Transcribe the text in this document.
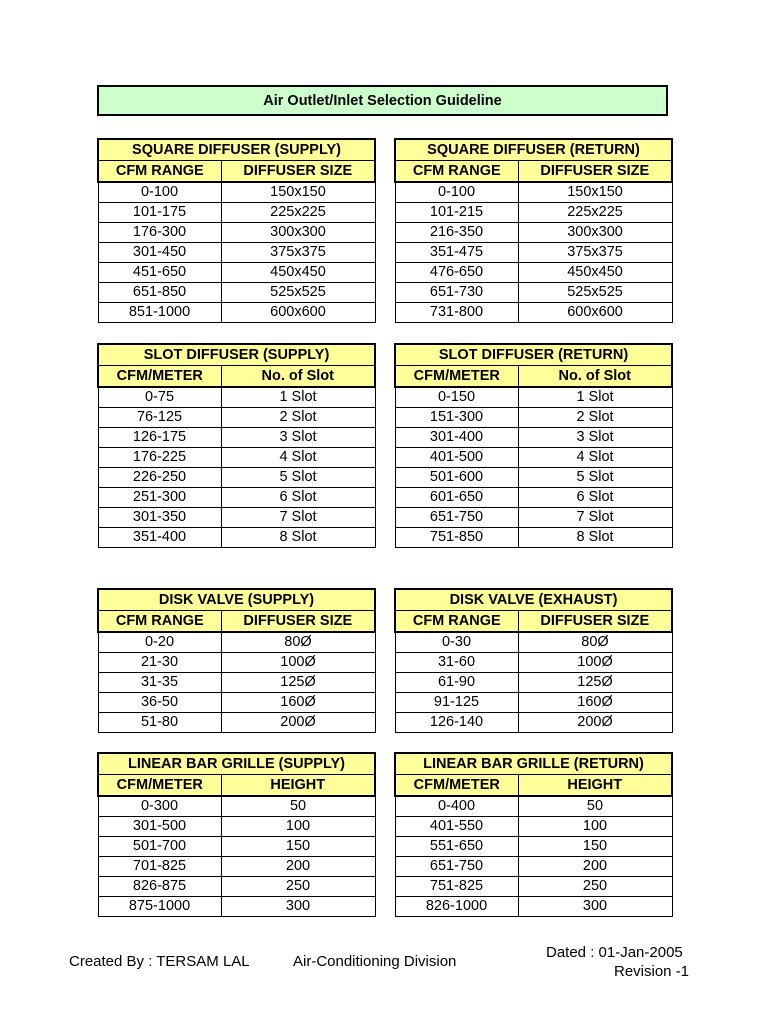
Air Outlet/Inlet Selection Guideline
SQUARE DIFFUSER (SUPPLY)	
CFM RANGE	DIFFUSER SIZE
0-100	150x150
101-175	225x225
176-300	300x300
301-450	375x375
451-650	450x450
651-850	525x525
851-1000	600x600
SQUARE DIFFUSER (RETURN)	
CFM RANGE	DIFFUSER SIZE
0-100	150x150
101-215	225x225
216-350	300x300
351-475	375x375
476-650	450x450
651-730	525x525
731-800	600x600
SLOT DIFFUSER (SUPPLY)	
CFM/METER	No. of Slot
0-75	1 Slot
76-125	2 Slot
126-175	3 Slot
176-225	4 Slot
226-250	5 Slot
251-300	6 Slot
301-350	7 Slot
351-400	8 Slot
SLOT DIFFUSER (RETURN)	
CFM/METER	No. of Slot
0-150	1 Slot
151-300	2 Slot
301-400	3 Slot
401-500	4 Slot
501-600	5 Slot
601-650	6 Slot
651-750	7 Slot
751-850	8 Slot
DISK VALVE (SUPPLY)	
CFM RANGE	DIFFUSER SIZE
0-20	80Ø
21-30	100Ø
31-35	125Ø
36-50	160Ø
51-80	200Ø
DISK VALVE (EXHAUST)	
CFM RANGE	DIFFUSER SIZE
0-30	80Ø
31-60	100Ø
61-90	125Ø
91-125	160Ø
126-140	200Ø
LINEAR BAR GRILLE (SUPPLY)	
CFM/METER	HEIGHT
0-300	50
301-500	100
501-700	150
701-825	200
826-875	250
875-1000	300
LINEAR BAR GRILLE (RETURN)	
CFM/METER	HEIGHT
0-400	50
401-550	100
551-650	150
651-750	200
751-825	250
826-1000	300
Created By : TERSAM LAL	Air-Conditioning Division
Dated : 01-Jan-2005
Revision -1
